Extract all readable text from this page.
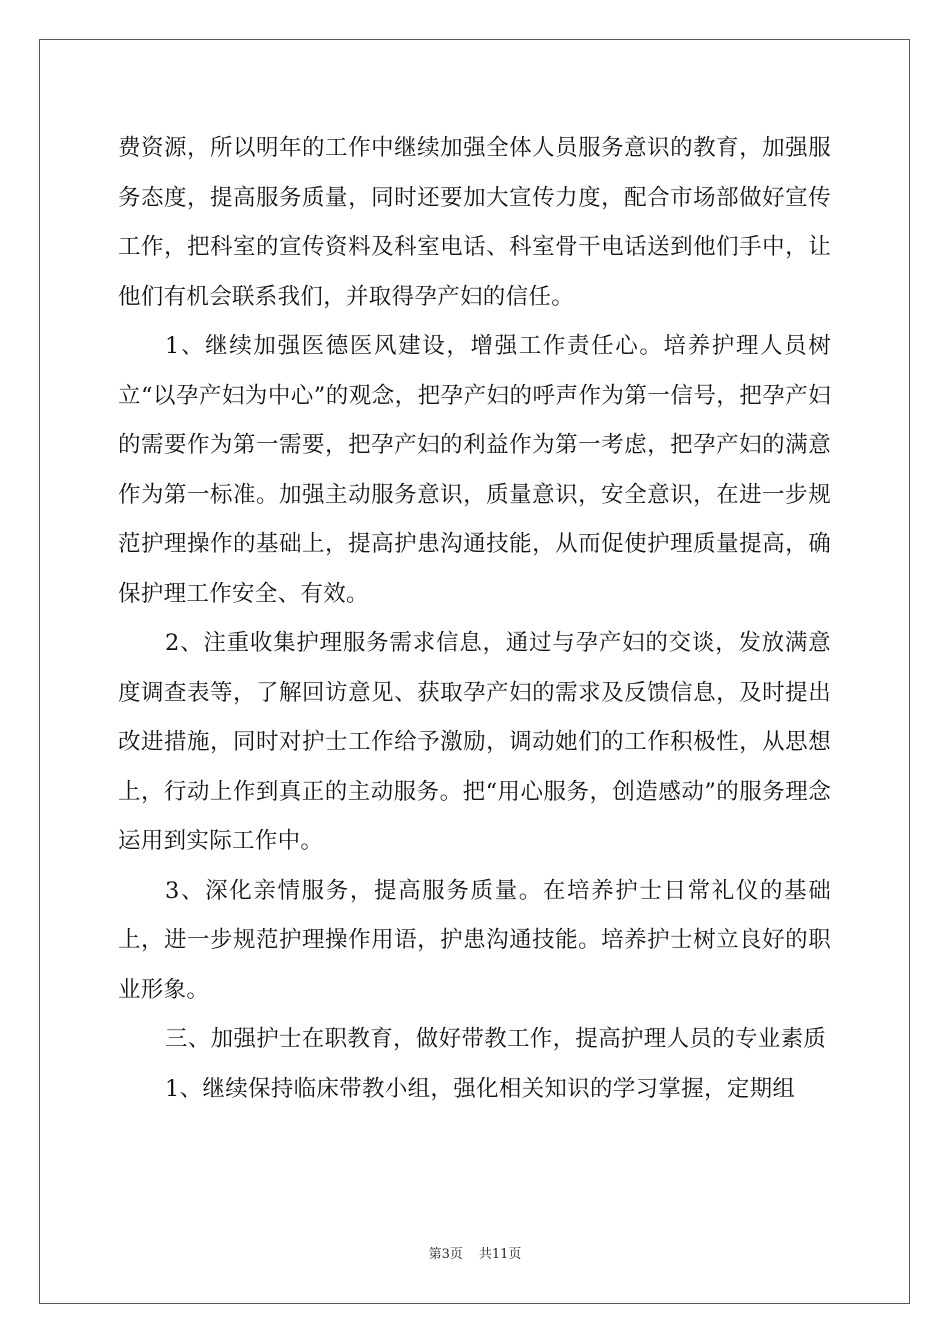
费资源，所以明年的工作中继续加强全体人员服务意识的教育，加强服务态度，提高服务质量，同时还要加大宣传力度，配合市场部做好宣传工作，把科室的宣传资料及科室电话、科室骨干电话送到他们手中，让他们有机会联系我们，并取得孕产妇的信任。

1、继续加强医德医风建设，增强工作责任心。培养护理人员树立“以孕产妇为中心”的观念，把孕产妇的呼声作为第一信号，把孕产妇的需要作为第一需要，把孕产妇的利益作为第一考虑，把孕产妇的满意作为第一标准。加强主动服务意识，质量意识，安全意识，在进一步规范护理操作的基础上，提高护患沟通技能，从而促使护理质量提高，确保护理工作安全、有效。

2、注重收集护理服务需求信息，通过与孕产妇的交谈，发放满意度调查表等，了解回访意见、获取孕产妇的需求及反馈信息，及时提出改进措施，同时对护士工作给予激励，调动她们的工作积极性，从思想上，行动上作到真正的主动服务。把“用心服务，创造感动”的服务理念运用到实际工作中。

3、深化亲情服务，提高服务质量。在培养护士日常礼仪的基础上，进一步规范护理操作用语，护患沟通技能。培养护士树立良好的职业形象。

三、加强护士在职教育，做好带教工作，提高护理人员的专业素质

1、继续保持临床带教小组，强化相关知识的学习掌握，定期组

第3页 共11页
